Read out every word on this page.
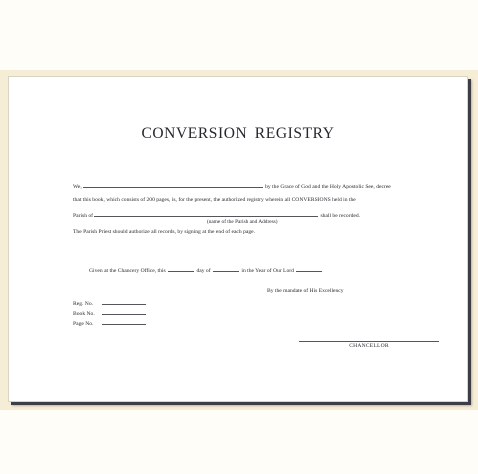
CONVERSION REGISTRY
We,	by the Grace of God and the Holy Apostolic See, decree
that this book, which consists of 200 pages, is, for the present, the authorized registry wherein all CONVERSIONS held in the
Parish of	shall be recorded.
(name of the Parish and Address)
The Parish Priest should authorize all records, by signing at the end of each page.
Given at the Chancery Office, this	day of	in the Year of Our Lord
By the mandate of His Excellency
Reg. No.
Book No.
Page No.
CHANCELLOR
